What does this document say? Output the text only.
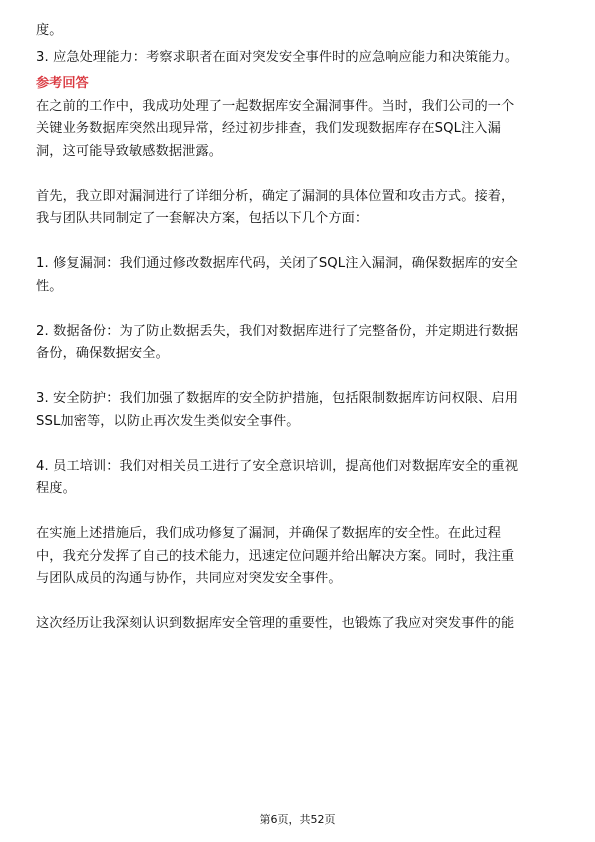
度。

3. 应急处理能力：考察求职者在面对突发安全事件时的应急响应能力和决策能力。

参考回答

在之前的工作中，我成功处理了一起数据库安全漏洞事件。当时，我们公司的一个

关键业务数据库突然出现异常，经过初步排查，我们发现数据库存在SQL注入漏

洞，这可能导致敏感数据泄露。

首先，我立即对漏洞进行了详细分析，确定了漏洞的具体位置和攻击方式。接着，

我与团队共同制定了一套解决方案，包括以下几个方面：

1. 修复漏洞：我们通过修改数据库代码，关闭了SQL注入漏洞，确保数据库的安全

性。

2. 数据备份：为了防止数据丢失，我们对数据库进行了完整备份，并定期进行数据

备份，确保数据安全。

3. 安全防护：我们加强了数据库的安全防护措施，包括限制数据库访问权限、启用

SSL加密等，以防止再次发生类似安全事件。

4. 员工培训：我们对相关员工进行了安全意识培训，提高他们对数据库安全的重视

程度。

在实施上述措施后，我们成功修复了漏洞，并确保了数据库的安全性。在此过程

中，我充分发挥了自己的技术能力，迅速定位问题并给出解决方案。同时，我注重

与团队成员的沟通与协作，共同应对突发安全事件。

这次经历让我深刻认识到数据库安全管理的重要性，也锻炼了我应对突发事件的能

第6页，共52页
